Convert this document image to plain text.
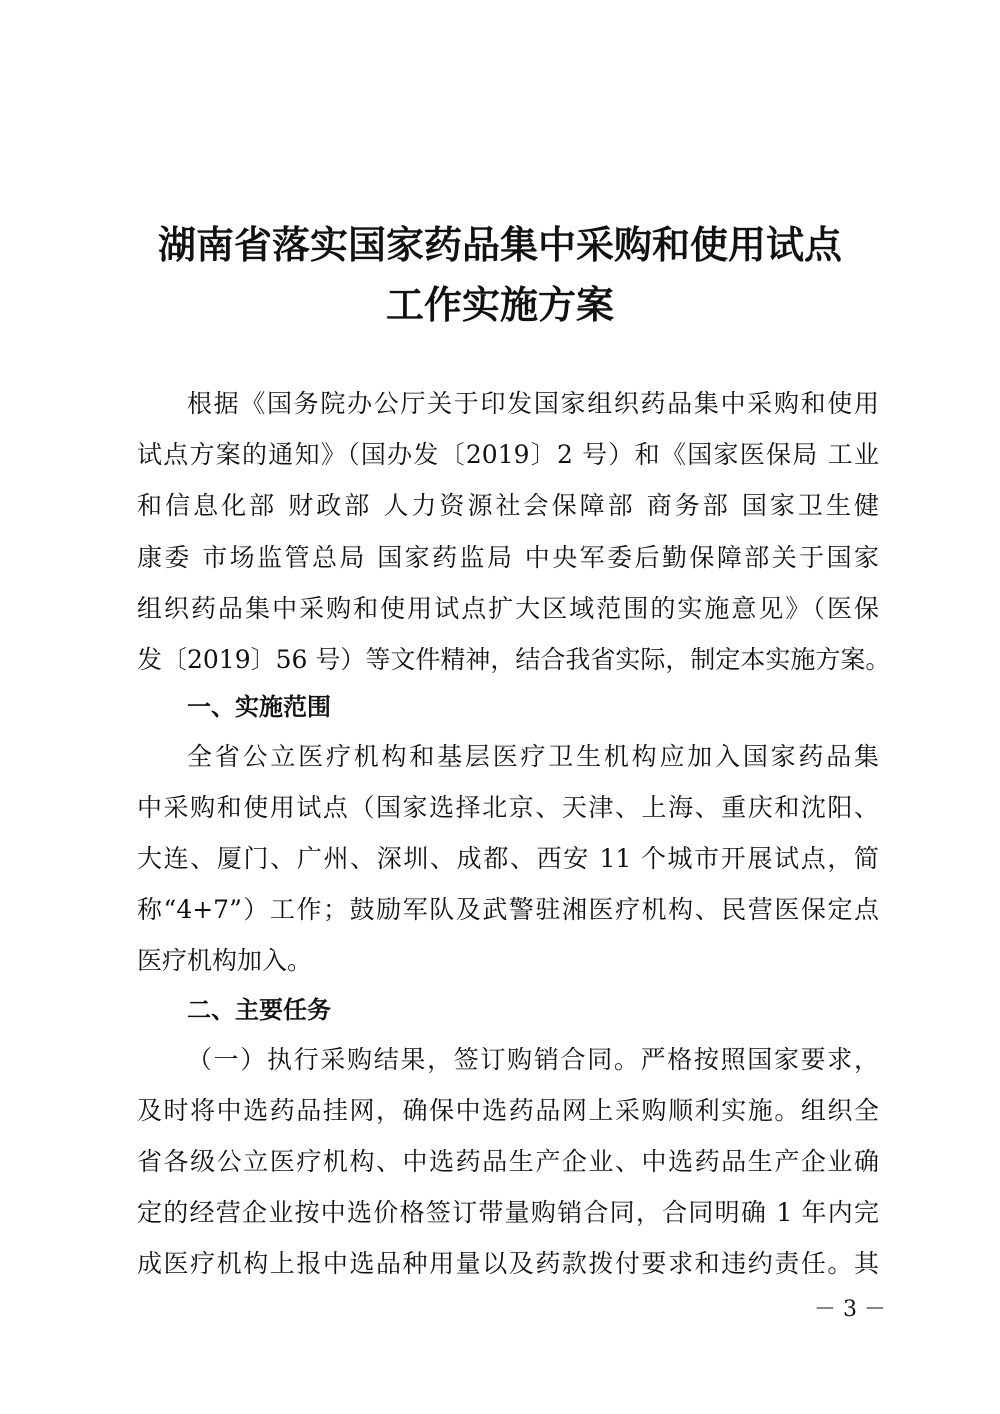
湖南省落实国家药品集中采购和使用试点
工作实施方案
根据《国务院办公厅关于印发国家组织药品集中采购和使用
试点方案的通知》（国办发〔2019〕2 号）和《国家医保局 工业
和信息化部 财政部 人力资源社会保障部 商务部 国家卫生健
康委 市场监管总局 国家药监局 中央军委后勤保障部关于国家
组织药品集中采购和使用试点扩大区域范围的实施意见》（医保
发〔2019〕56 号）等文件精神，结合我省实际，制定本实施方案。
一、实施范围
全省公立医疗机构和基层医疗卫生机构应加入国家药品集
中采购和使用试点（国家选择北京、天津、上海、重庆和沈阳、
大连、厦门、广州、深圳、成都、西安 11 个城市开展试点，简
称“4+7”）工作；鼓励军队及武警驻湘医疗机构、民营医保定点
医疗机构加入。
二、主要任务
（一）执行采购结果，签订购销合同。严格按照国家要求，
及时将中选药品挂网，确保中选药品网上采购顺利实施。组织全
省各级公立医疗机构、中选药品生产企业、中选药品生产企业确
定的经营企业按中选价格签订带量购销合同，合同明确 1 年内完
成医疗机构上报中选品种用量以及药款拨付要求和违约责任。其
－ 3 －
